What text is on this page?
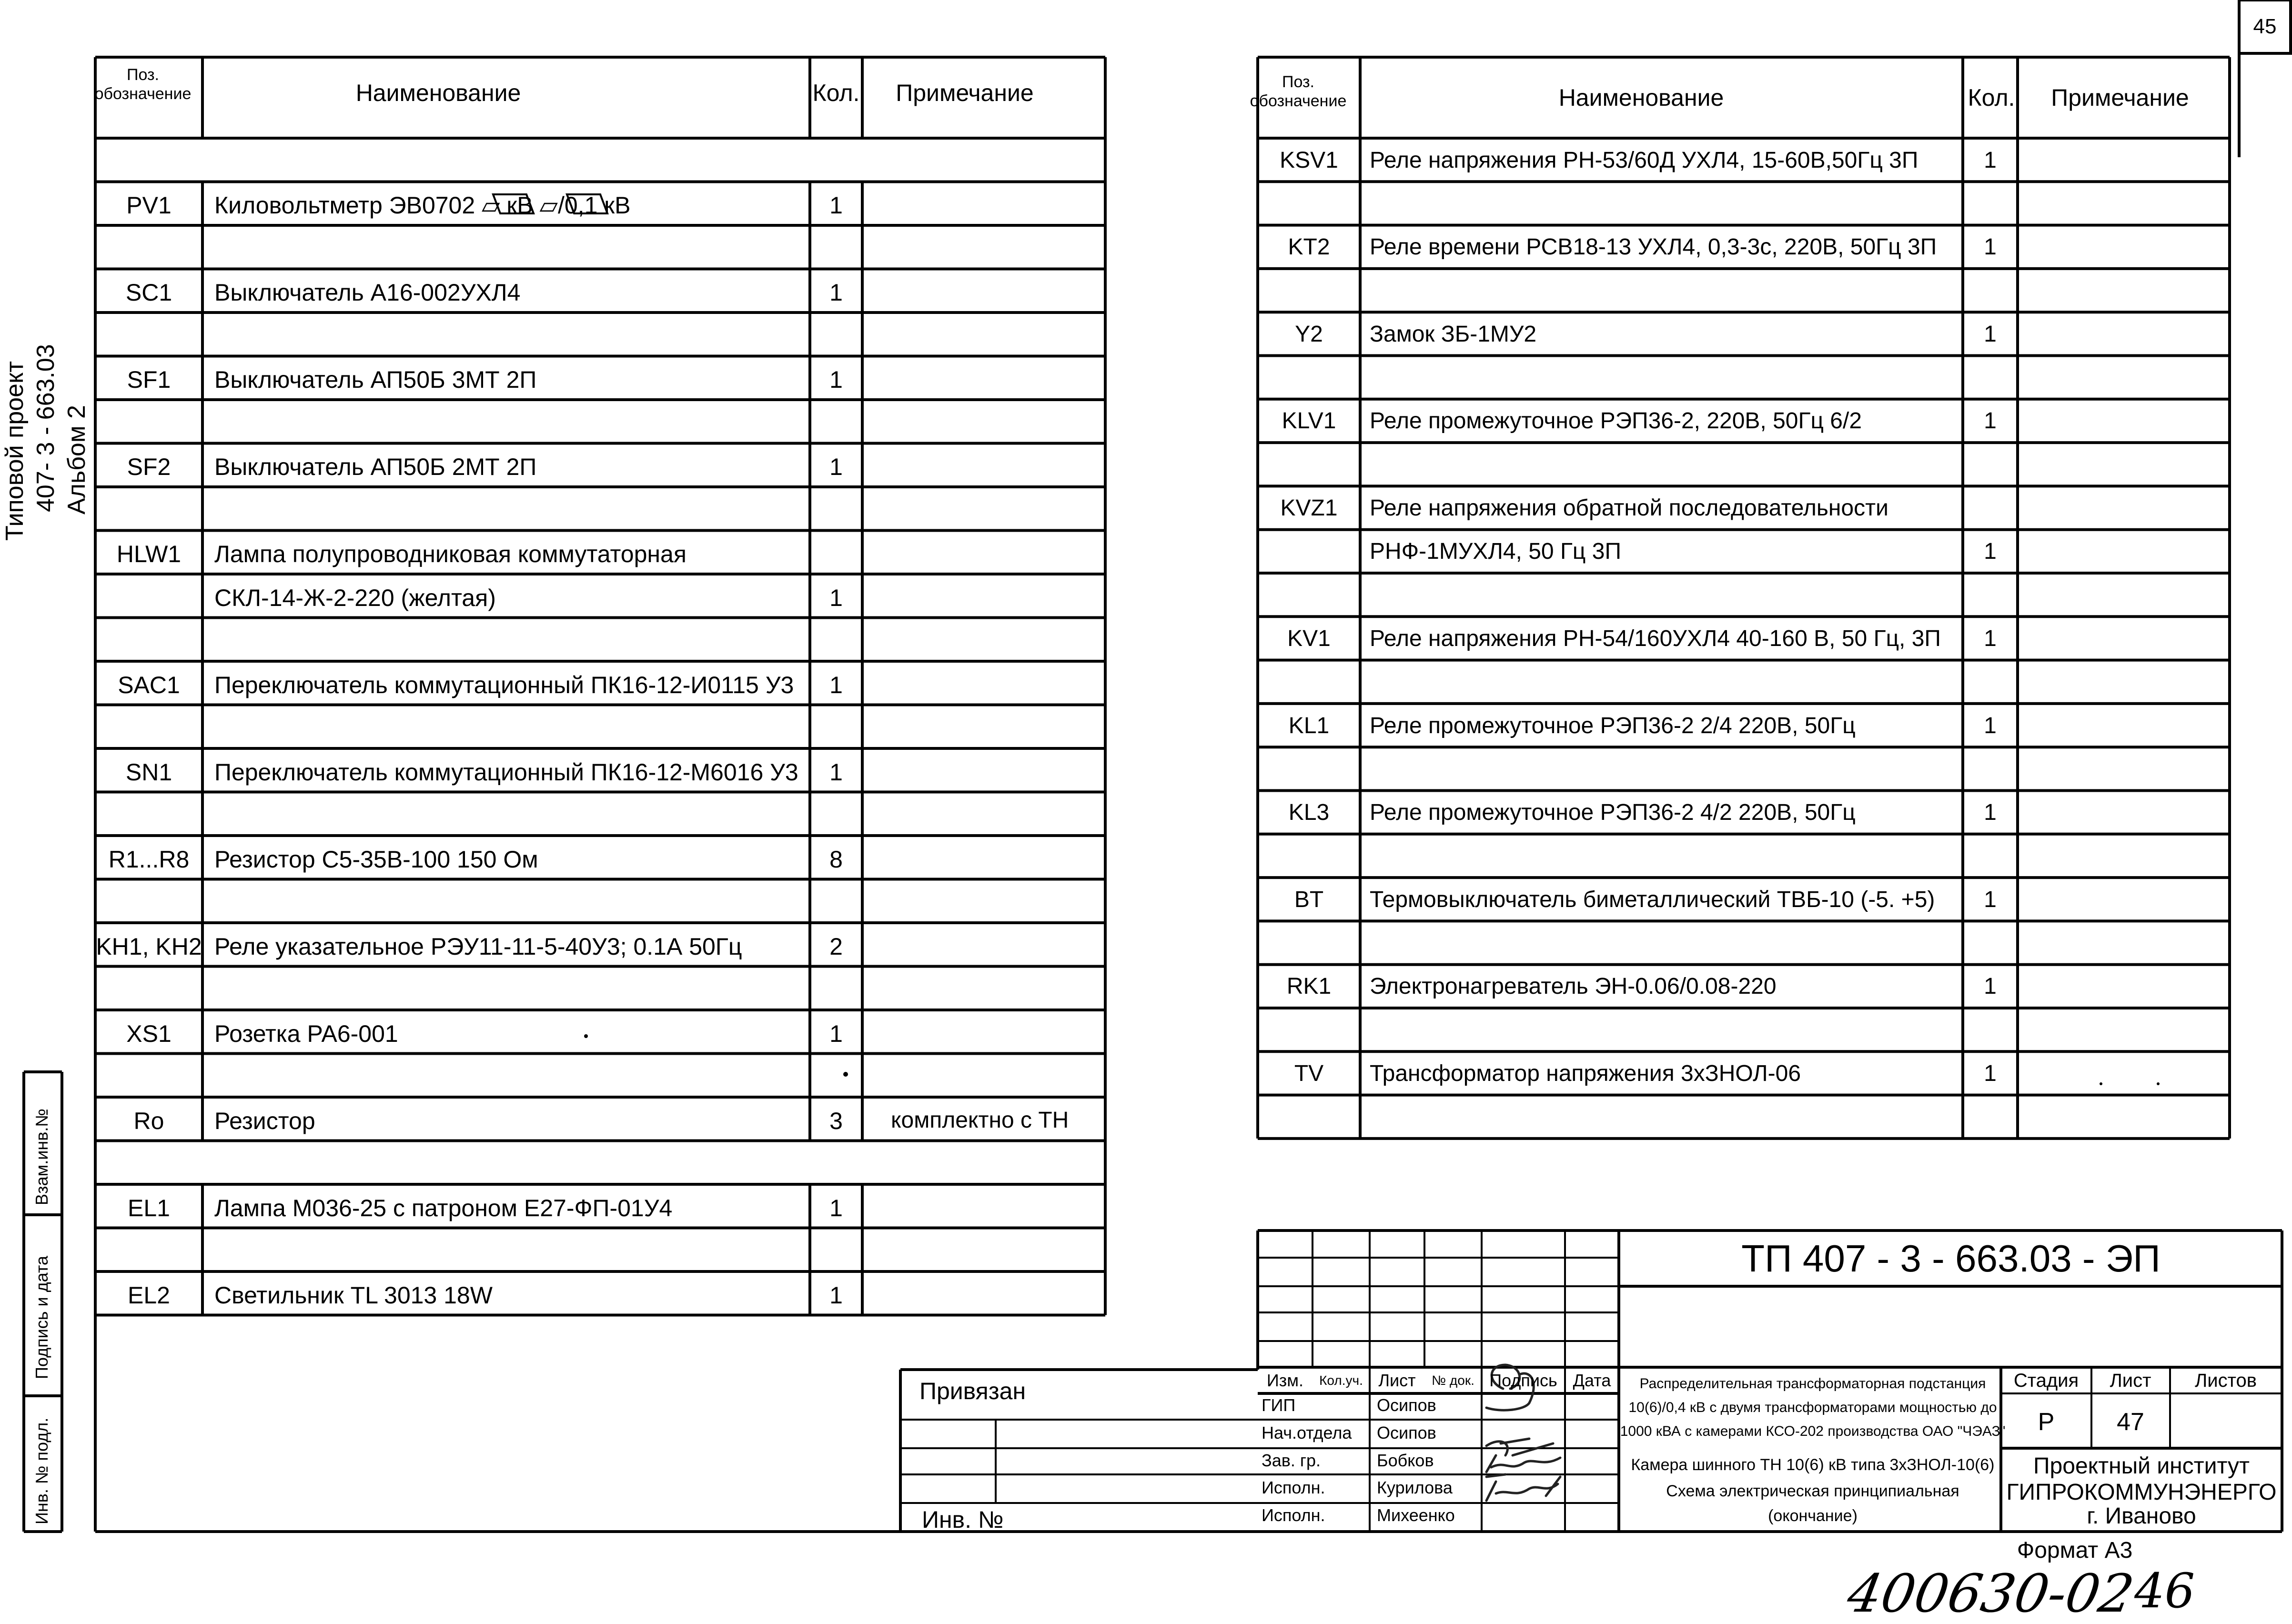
45
Типовой проект 407- 3 - 663.03 Альбом 2
Взам.инв.№
Подпись и дата
Инв. № подл.
Поз.
обозначение	Наименование	Кол. Примечание
PV1 Киловольтметр ЭВ0702 ▱ кВ ▱/0,1 кВ	1
SC1 Выключатель А16-002УХЛ4	1
SF1 Выключатель АП50Б 3МТ 2П	1
SF2 Выключатель АП50Б 2МТ 2П	1
HLW1 Лампа полупроводниковая коммутаторная
СКЛ-14-Ж-2-220 (желтая)	1
SAC1 Переключатель коммутационный ПК16-12-И0115 У3 1
SN1 Переключатель коммутационный ПК16-12-М6016 У3 1
R1...R8 Резистор С5-35В-100 150 Ом	8
KH1, KH2 Реле указательное РЭУ11-11-5-40У3; 0.1А 50Гц	2
XS1 Розетка РА6-001	1
Ro Резистор	3 комплектно с ТН
EL1 Лампа М036-25 с патроном Е27-ФП-01У4	1
EL2 Светильник TL 3013 18W	1
Поз.
обозначение	Наименование	Кол. Примечание
KSV1 Реле напряжения РН-53/60Д УХЛ4, 15-60В,50Гц 3П	1
KT2 Реле времени РСВ18-13 УХЛ4, 0,3-3с, 220В, 50Гц 3П 1
Y2 Замок ЗБ-1МУ2	1
KLV1 Реле промежуточное РЭП36-2, 220В, 50Гц 6/2	1
KVZ1 Реле напряжения обратной последовательности
РНФ-1МУХЛ4, 50 Гц 3П	1
KV1 Реле напряжения РН-54/160УХЛ4 40-160 В, 50 Гц, 3П 1
KL1 Реле промежуточное РЭП36-2 2/4 220В, 50Гц	1
KL3 Реле промежуточное РЭП36-2 4/2 220В, 50Гц	1
BT Термовыключатель биметаллический ТВБ-10 (-5. +5) 1
RK1 Электронагреватель ЭН-0.06/0.08-220	1
TV Трансформатор напряжения 3хЗНОЛ-06	1
Привязан
Инв. №
ТП 407 - 3 - 663.03 - ЭП
Изм. Кол.уч. Лист № док. Подпись Дата
ГИП	Осипов
Нач.отдела Осипов
Зав. гр.	Бобков
Исполн.	Курилова
Исполн.	Михеенко
Распределительная трансформаторная подстанция
10(6)/0,4 кВ с двумя трансформаторами мощностью до
1000 кВА с камерами КСО-202 производства ОАО "ЧЭАЗ"
Камера шинного ТН 10(6) кВ типа 3хЗНОЛ-10(6)
Схема электрическая принципиальная
(окончание)
Стадия Лист Листов
Р	47
Проектный институт
ГИПРОКОММУНЭНЕРГО
г. Иваново
Формат А3
400630-02
46
